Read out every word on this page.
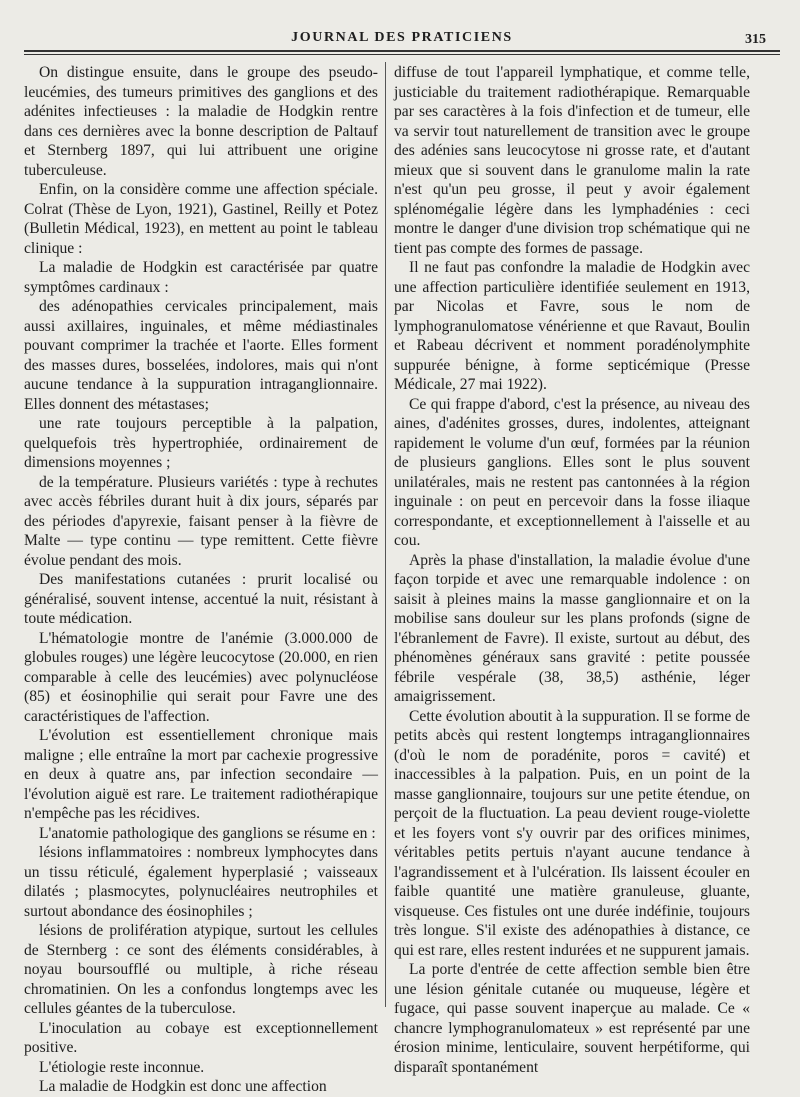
JOURNAL DES PRATICIENS	315

On distingue ensuite, dans le groupe des pseudo-leucémies, des tumeurs primitives des ganglions et des adénites infectieuses : la maladie de Hodgkin rentre dans ces dernières avec la bonne description de Paltauf et Sternberg 1897, qui lui attribuent une origine tuberculeuse.

Enfin, on la considère comme une affection spéciale. Colrat (Thèse de Lyon, 1921), Gastinel, Reilly et Potez (Bulletin Médical, 1923), en mettent au point le tableau clinique :

La maladie de Hodgkin est caractérisée par quatre symptômes cardinaux :

des adénopathies cervicales principalement, mais aussi axillaires, inguinales, et même médiastinales pouvant comprimer la trachée et l'aorte. Elles forment des masses dures, bosselées, indolores, mais qui n'ont aucune tendance à la suppuration intraganglionnaire. Elles donnent des métastases;

une rate toujours perceptible à la palpation, quelquefois très hypertrophiée, ordinairement de dimensions moyennes ;

de la température. Plusieurs variétés : type à rechutes avec accès fébriles durant huit à dix jours, séparés par des périodes d'apyrexie, faisant penser à la fièvre de Malte — type continu — type remittent. Cette fièvre évolue pendant des mois.

Des manifestations cutanées : prurit localisé ou généralisé, souvent intense, accentué la nuit, résistant à toute médication.

L'hématologie montre de l'anémie (3.000.000 de globules rouges) une légère leucocytose (20.000, en rien comparable à celle des leucémies) avec polynucléose (85) et éosinophilie qui serait pour Favre une des caractéristiques de l'affection.

L'évolution est essentiellement chronique mais maligne ; elle entraîne la mort par cachexie progressive en deux à quatre ans, par infection secondaire — l'évolution aiguë est rare. Le traitement radiothérapique n'empêche pas les récidives.

L'anatomie pathologique des ganglions se résume en :

lésions inflammatoires : nombreux lymphocytes dans un tissu réticulé, également hyperplasié ; vaisseaux dilatés ; plasmocytes, polynucléaires neutrophiles et surtout abondance des éosinophiles ;

lésions de prolifération atypique, surtout les cellules de Sternberg : ce sont des éléments considérables, à noyau boursoufflé ou multiple, à riche réseau chromatinien. On les a confondus longtemps avec les cellules géantes de la tuberculose.

L'inoculation au cobaye est exceptionnellement positive.

L'étiologie reste inconnue.

La maladie de Hodgkin est donc une affection

diffuse de tout l'appareil lymphatique, et comme telle, justiciable du traitement radiothérapique. Remarquable par ses caractères à la fois d'infection et de tumeur, elle va servir tout naturellement de transition avec le groupe des adénies sans leucocytose ni grosse rate, et d'autant mieux que si souvent dans le granulome malin la rate n'est qu'un peu grosse, il peut y avoir également splénomégalie légère dans les lymphadénies : ceci montre le danger d'une division trop schématique qui ne tient pas compte des formes de passage.

Il ne faut pas confondre la maladie de Hodgkin avec une affection particulière identifiée seulement en 1913, par Nicolas et Favre, sous le nom de lymphogranulomatose vénérienne et que Ravaut, Boulin et Rabeau décrivent et nomment poradénolymphite suppurée bénigne, à forme septicémique (Presse Médicale, 27 mai 1922).

Ce qui frappe d'abord, c'est la présence, au niveau des aines, d'adénites grosses, dures, indolentes, atteignant rapidement le volume d'un œuf, formées par la réunion de plusieurs ganglions. Elles sont le plus souvent unilatérales, mais ne restent pas cantonnées à la région inguinale : on peut en percevoir dans la fosse iliaque correspondante, et exceptionnellement à l'aisselle et au cou.

Après la phase d'installation, la maladie évolue d'une façon torpide et avec une remarquable indolence : on saisit à pleines mains la masse ganglionnaire et on la mobilise sans douleur sur les plans profonds (signe de l'ébranlement de Favre). Il existe, surtout au début, des phénomènes généraux sans gravité : petite poussée fébrile vespérale (38, 38,5) asthénie, léger amaigrissement.

Cette évolution aboutit à la suppuration. Il se forme de petits abcès qui restent longtemps intraganglionnaires (d'où le nom de poradénite, poros = cavité) et inaccessibles à la palpation. Puis, en un point de la masse ganglionnaire, toujours sur une petite étendue, on perçoit de la fluctuation. La peau devient rouge-violette et les foyers vont s'y ouvrir par des orifices minimes, véritables petits pertuis n'ayant aucune tendance à l'agrandissement et à l'ulcération. Ils laissent écouler en faible quantité une matière granuleuse, gluante, visqueuse. Ces fistules ont une durée indéfinie, toujours très longue. S'il existe des adénopathies à distance, ce qui est rare, elles restent indurées et ne suppurent jamais.

La porte d'entrée de cette affection semble bien être une lésion génitale cutanée ou muqueuse, légère et fugace, qui passe souvent inaperçue au malade. Ce « chancre lymphogranulomateux » est représenté par une érosion minime, lenticulaire, souvent herpétiforme, qui disparaît spontanément
